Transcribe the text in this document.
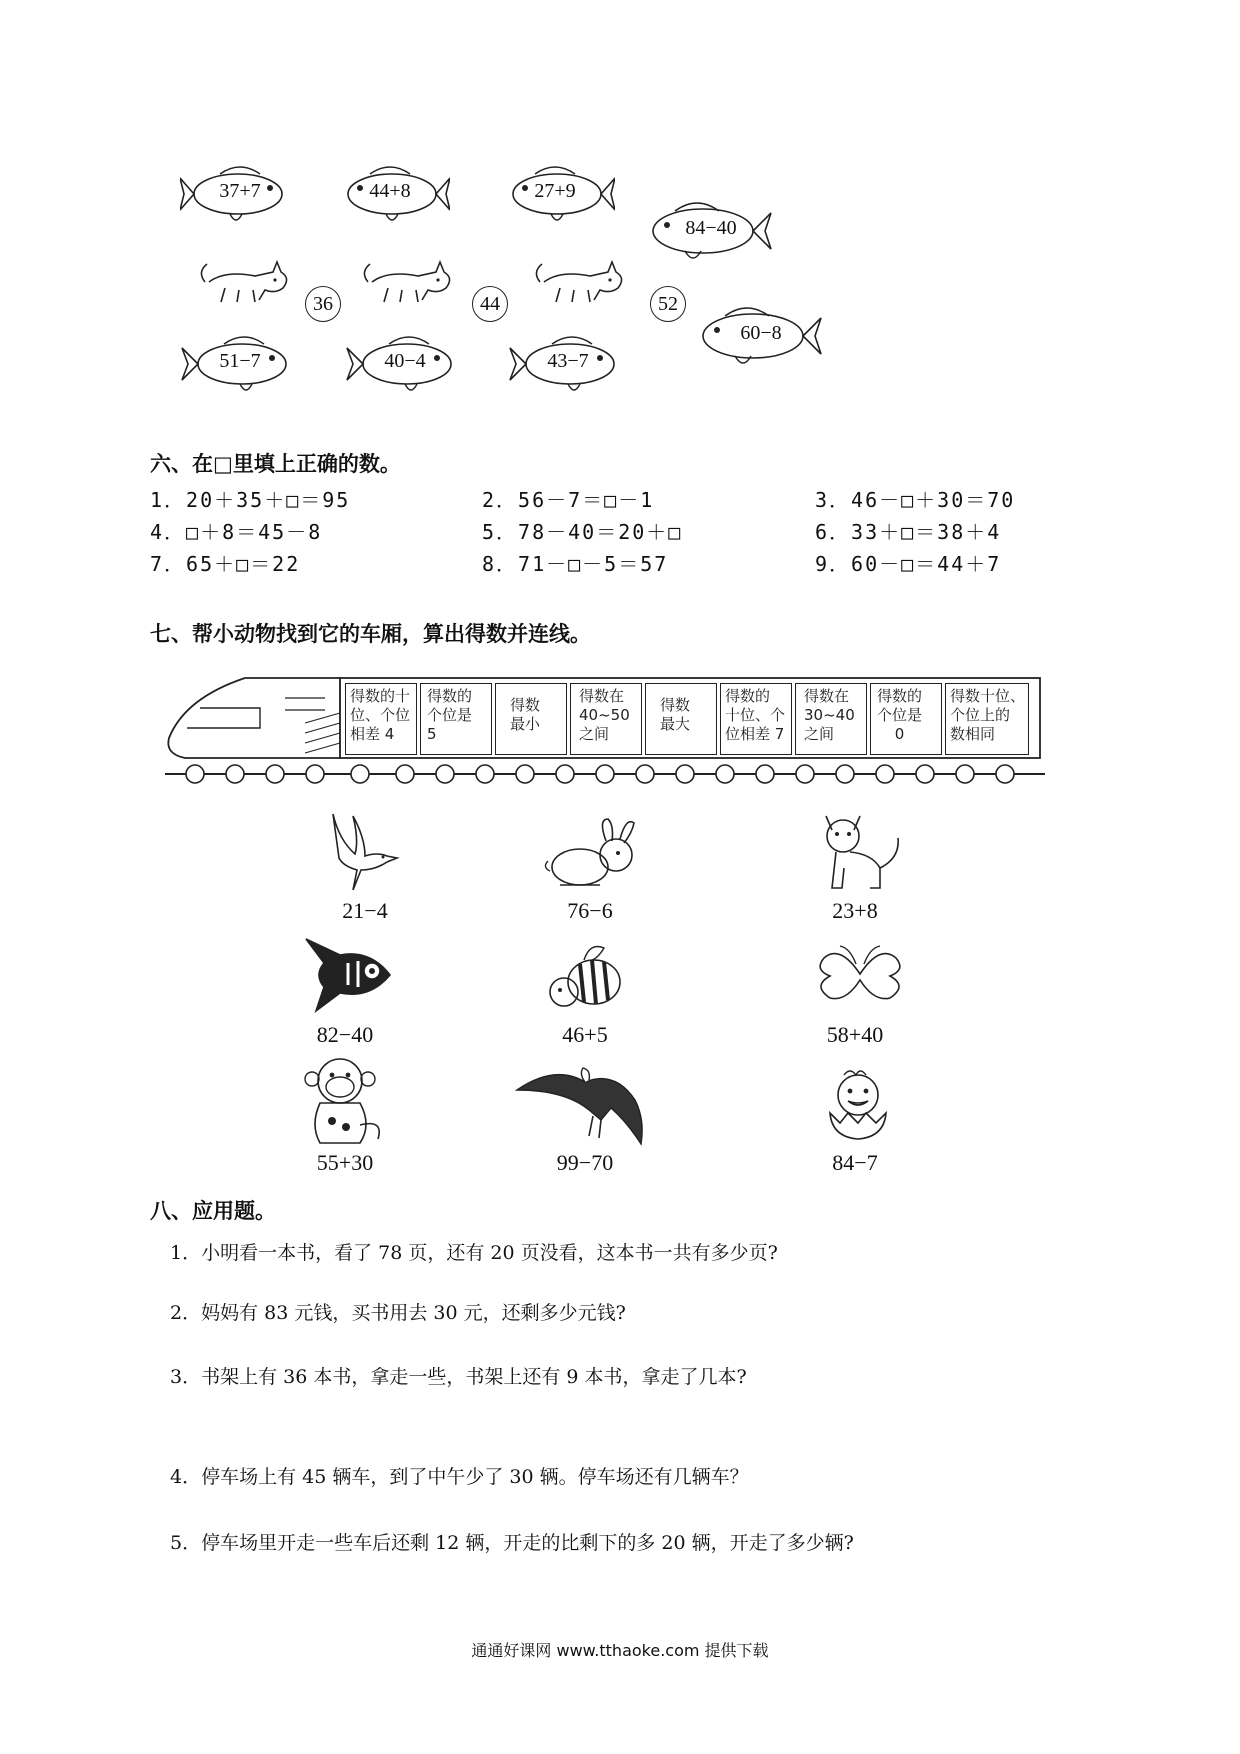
37+7	44+8	27+9
84−40
36	44	52
51−7	40−4	43−7
60−8
六、在□里填上正确的数。
1．20＋35＋□＝95	2．56－7＝□－1	3．46－□＋30＝70
4．□＋8＝45－8	5．78－40＝20＋□	6．33＋□＝38＋4
7．65＋□＝22	8．71－□－5＝57	9．60－□＝44＋7
七、帮小动物找到它的车厢，算出得数并连线。
得数的十
位、个位
相差 4
得数的
个位是
5
得数
最小
得数在
40~50
之间
得数
最大
得数的
十位、个
位相差 7
得数在
30~40
之间
得数的
个位是
0
得数十位、
个位上的
数相同
21−4	76−6	23+8
82−40	46+5	58+40
55+30	99−70	84−7
八、应用题。
1．小明看一本书，看了 78 页，还有 20 页没看，这本书一共有多少页?
2．妈妈有 83 元钱，买书用去 30 元，还剩多少元钱?
3．书架上有 36 本书，拿走一些，书架上还有 9 本书，拿走了几本?
4．停车场上有 45 辆车，到了中午少了 30 辆。停车场还有几辆车？
5．停车场里开走一些车后还剩 12 辆，开走的比剩下的多 20 辆，开走了多少辆?
通通好课网 www.tthaoke.com 提供下载
